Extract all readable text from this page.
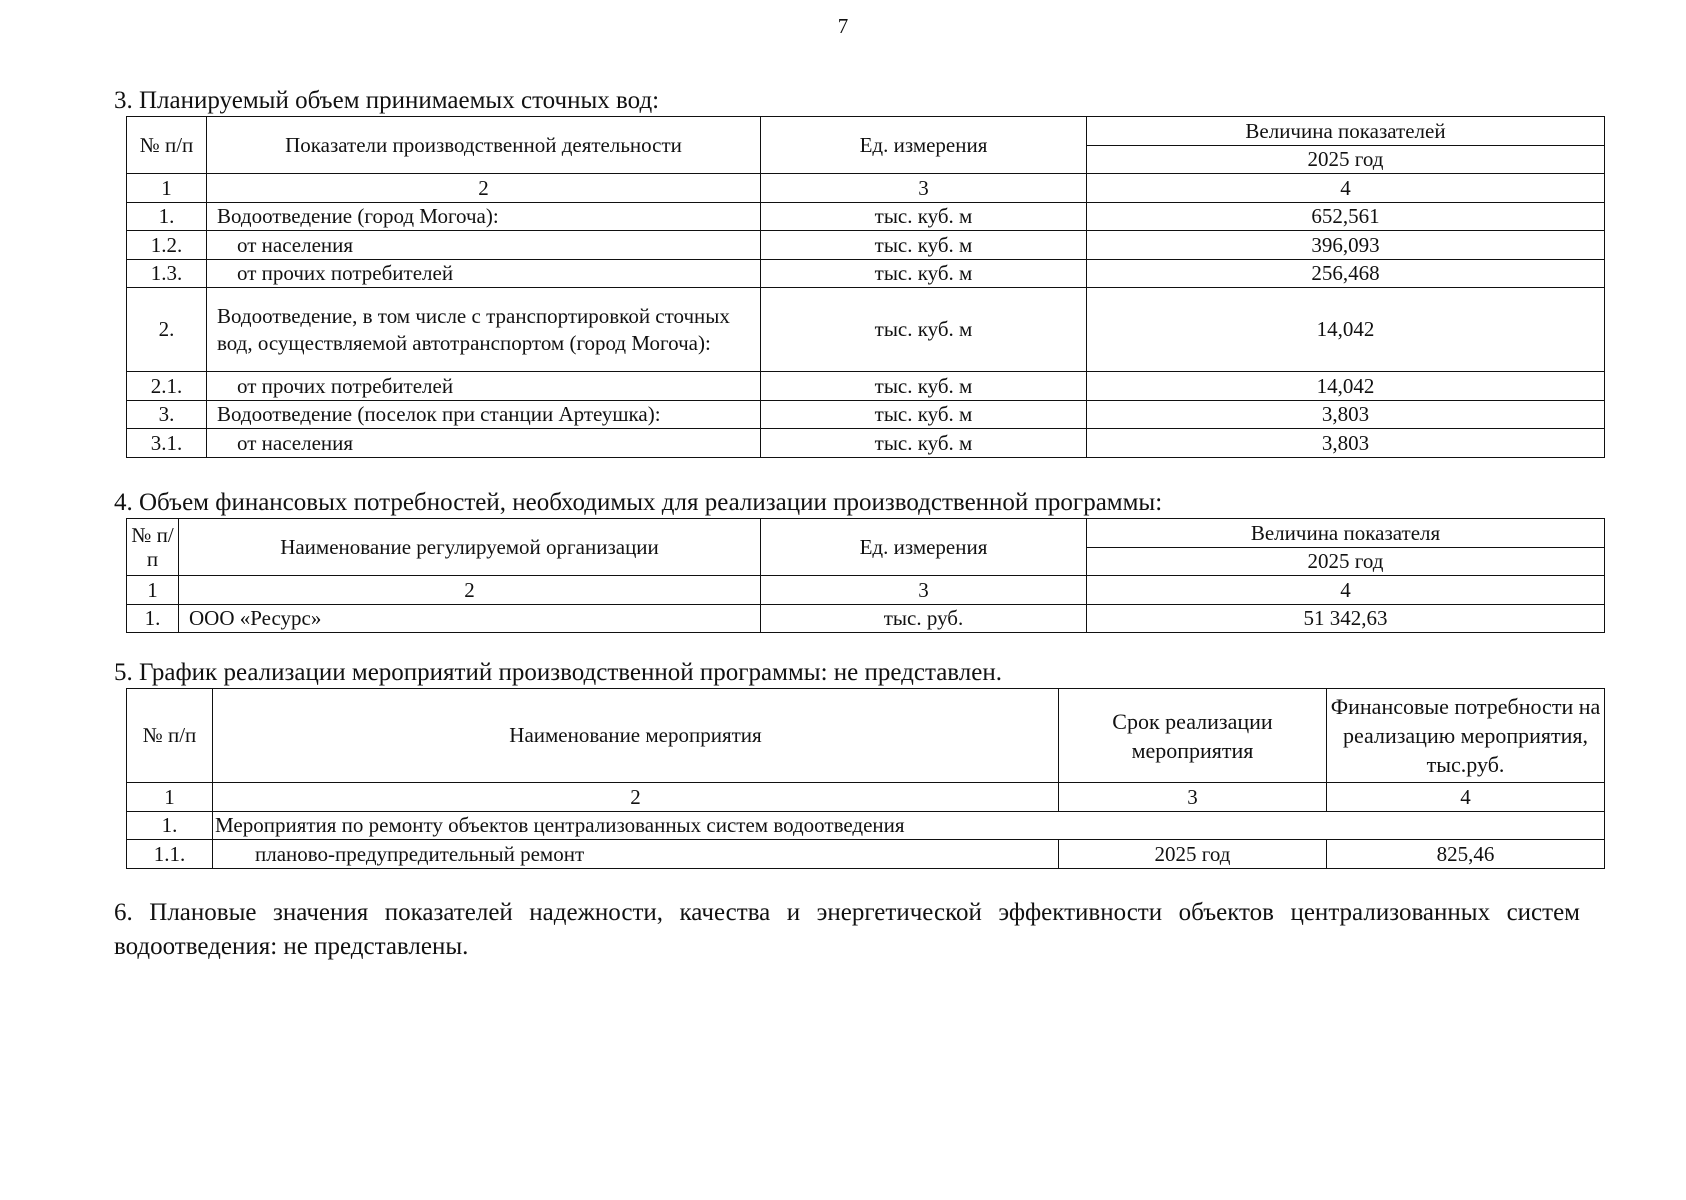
7
3. Планируемый объем принимаемых сточных вод:
№ п/п	Показатели производственной деятельности	Ед. измерения	Величина показателей
			2025 год
1	2	3	4
1.	Водоотведение (город Могоча):	тыс. куб. м	652,561
1.2.	от населения	тыс. куб. м	396,093
1.3.	от прочих потребителей	тыс. куб. м	256,468
2.	Водоотведение, в том числе с транспортировкой сточных вод, осуществляемой автотранспортом (город Могоча):	тыс. куб. м	14,042
2.1.	от прочих потребителей	тыс. куб. м	14,042
3.	Водоотведение (поселок при станции Артеушка):	тыс. куб. м	3,803
3.1.	от населения	тыс. куб. м	3,803
4. Объем финансовых потребностей, необходимых для реализации производственной программы:
№ п/п	Наименование регулируемой организации	Ед. измерения	Величина показателя
			2025 год
1	2	3	4
1.	ООО «Ресурс»	тыс. руб.	51 342,63
5. График реализации мероприятий производственной программы: не представлен.
№ п/п	Наименование мероприятия	Срок реализации мероприятия	Финансовые потребности на реализацию мероприятия, тыс.руб.
1	2	3	4
1.	Мероприятия по ремонту объектов централизованных систем водоотведения		
1.1.	планово-предупредительный ремонт	2025 год	825,46
6. Плановые значения показателей надежности, качества и энергетической эффективности объектов централизованных систем водоотведения: не представлены.
